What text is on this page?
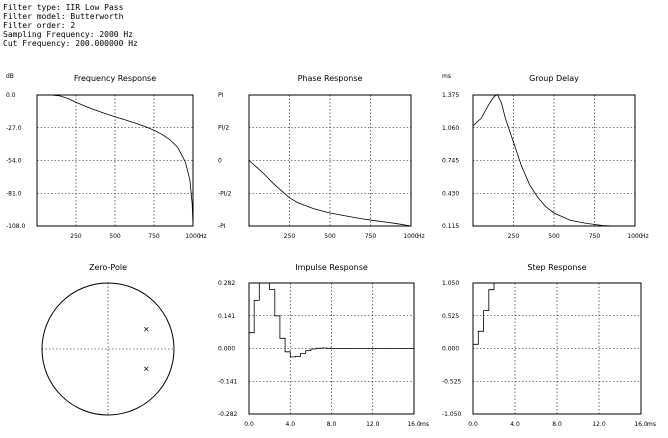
Filter type: IIR Low Pass
Filter model: Butterworth
Filter order: 2
Sampling Frequency: 2000 Hz
Cut Frequency: 200.000000 Hz
Frequency Response
dB
Hz
0.0
-27.0
-54.0
-81.0
-108.0
250	500	750	1000
Phase Response
Hz
PI
PI/2
0
-PI/2
-PI
250	500	750	1000
Group Delay
ms
Hz
1.375
1.060
0.745
0.430
0.115
250	500	750	1000
Impulse Response
ms
0.282
0.141
0.000
-0.141
-0.282
0.0	4.0	8.0	12.0	16.0
Step Response
ms
1.050
0.525
0.000
-0.525
-1.050
0.0	4.0	8.0	12.0	16.0
Zero-Pole
